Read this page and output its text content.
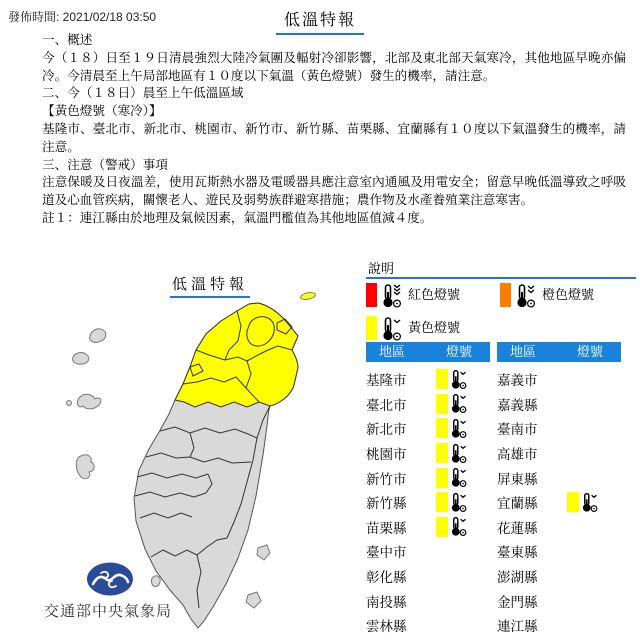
發佈時間: 2021/02/18 03:50	低溫特報

一、概述

今（１８）日至１９日清晨強烈大陸冷氣團及輻射冷卻影響，北部及東北部天氣寒冷，其他地區早晚亦偏冷。今清晨至上午局部地區有１０度以下氣溫（黃色燈號）發生的機率，請注意。

二、今（１８日）晨至上午低溫區域

【黃色燈號（寒冷）】

基隆市、臺北市、新北市、桃園市、新竹市、新竹縣、苗栗縣、宜蘭縣有１０度以下氣溫發生的機率，請注意。

三、注意（警戒）事項

注意保暖及日夜溫差，使用瓦斯熱水器及電暖器具應注意室內通風及用電安全；留意早晚低溫導致之呼吸道及心血管疾病，關懷老人、遊民及弱勢族群避寒措施；農作物及水產養殖業注意寒害。

註１：連江縣由於地理及氣候因素，氣溫門檻值為其他地區值減４度。

低溫特報
交通部中央氣象局
說明
紅色燈號	橙色燈號
黃色燈號
地區	燈號
基隆市
臺北市
新北市
桃園市
新竹市
新竹縣
苗栗縣
臺中市
彰化縣
南投縣
雲林縣
地區	燈號
嘉義市
嘉義縣
臺南市
高雄市
屏東縣
宜蘭縣
花蓮縣
臺東縣
澎湖縣
金門縣
連江縣
